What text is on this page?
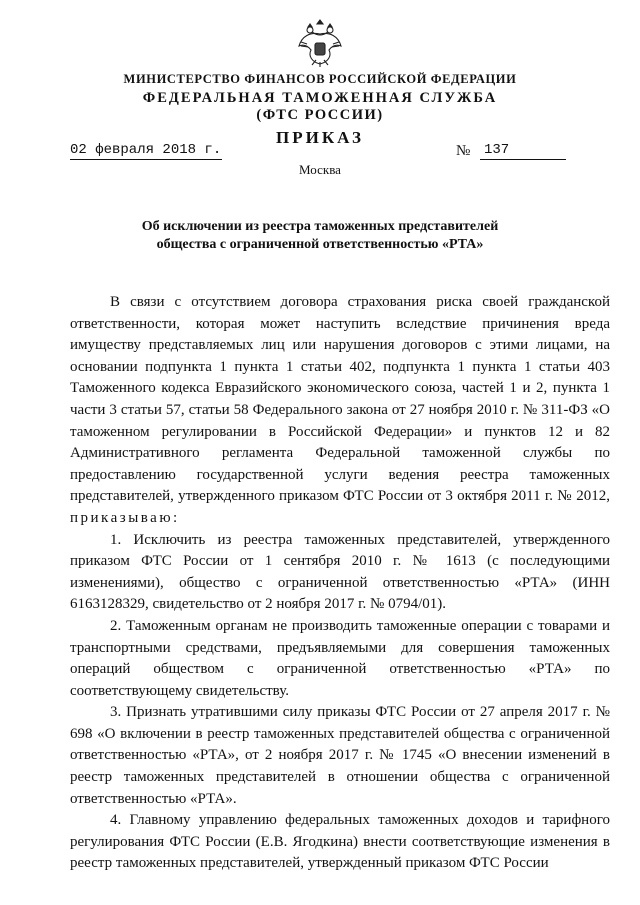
МИНИСТЕРСТВО ФИНАНСОВ РОССИЙСКОЙ ФЕДЕРАЦИИ
ФЕДЕРАЛЬНАЯ ТАМОЖЕННАЯ СЛУЖБА
(ФТС РОССИИ)
ПРИКАЗ
02 февраля 2018 г.	№ 137
Москва
Об исключении из реестра таможенных представителей
общества с ограниченной ответственностью «РТА»

В связи с отсутствием договора страхования риска своей гражданской ответственности, которая может наступить вследствие причинения вреда имуществу представляемых лиц или нарушения договоров с этими лицами, на основании подпункта 1 пункта 1 статьи 402, подпункта 1 пункта 1 статьи 403 Таможенного кодекса Евразийского экономического союза, частей 1 и 2, пункта 1 части 3 статьи 57, статьи 58 Федерального закона от 27 ноября 2010 г. № 311-ФЗ «О таможенном регулировании в Российской Федерации» и пунктов 12 и 82 Административного регламента Федеральной таможенной службы по предоставлению государственной услуги ведения реестра таможенных представителей, утвержденного приказом ФТС России от 3 октября 2011 г. № 2012, приказываю:

1. Исключить из реестра таможенных представителей, утвержденного приказом ФТС России от 1 сентября 2010 г. № 1613 (с последующими изменениями), общество с ограниченной ответственностью «РТА» (ИНН 6163128329, свидетельство от 2 ноября 2017 г. № 0794/01).

2. Таможенным органам не производить таможенные операции с товарами и транспортными средствами, предъявляемыми для совершения таможенных операций обществом с ограниченной ответственностью «РТА» по соответствующему свидетельству.

3. Признать утратившими силу приказы ФТС России от 27 апреля 2017 г. № 698 «О включении в реестр таможенных представителей общества с ограниченной ответственностью «РТА», от 2 ноября 2017 г. № 1745 «О внесении изменений в реестр таможенных представителей в отношении общества с ограниченной ответственностью «РТА».

4. Главному управлению федеральных таможенных доходов и тарифного регулирования ФТС России (Е.В. Ягодкина) внести соответствующие изменения в реестр таможенных представителей, утвержденный приказом ФТС России
